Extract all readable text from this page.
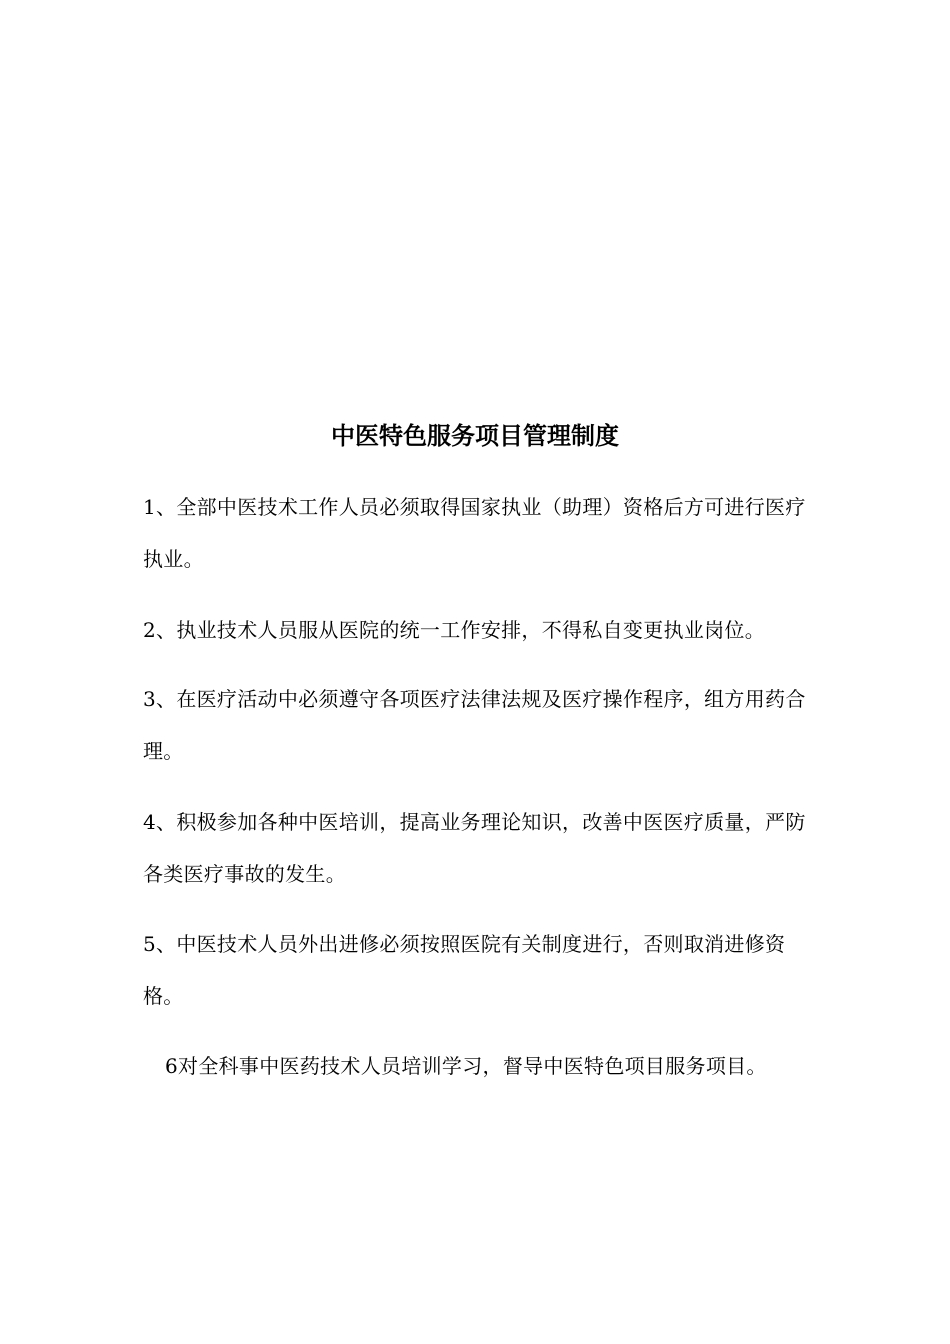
中医特色服务项目管理制度
1、全部中医技术工作人员必须取得国家执业（助理）资格后方可进行医疗执业。
2、执业技术人员服从医院的统一工作安排，不得私自变更执业岗位。
3、在医疗活动中必须遵守各项医疗法律法规及医疗操作程序，组方用药合理。
4、积极参加各种中医培训，提高业务理论知识，改善中医医疗质量，严防各类医疗事故的发生。
5、中医技术人员外出进修必须按照医院有关制度进行，否则取消进修资格。
6对全科事中医药技术人员培训学习，督导中医特色项目服务项目。
